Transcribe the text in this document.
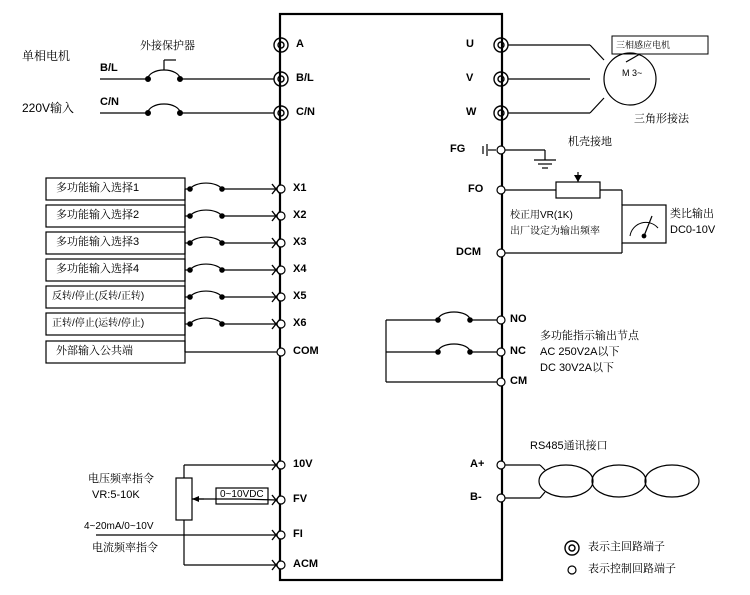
外接保护器
单相电机
220V输入
B/L
C/N
多功能输入选择1
多功能输入选择2
多功能输入选择3
多功能输入选择4
反转/停止(反转/正转)
正转/停止(运转/停止)
外部输入公共端
电压频率指令
VR:5-10K	0~10VDC
4~20mA/0~10V
电流频率指令
A
B/L
C/N
X1
X2
X3
X4
X5
X6
COM
10V
FV
FI
ACM
U
V
W
FG
FO
DCM
NO
NC
CM
A+
B-
三相感应电机
三角形接法
M 3~
机壳接地
校正用VR(1K)
出厂设定为输出频率
类比输出
DC0-10V
多功能指示输出节点
AC 250V2A以下
DC 30V2A以下
RS485通讯接口
表示主回路端子
表示控制回路端子
